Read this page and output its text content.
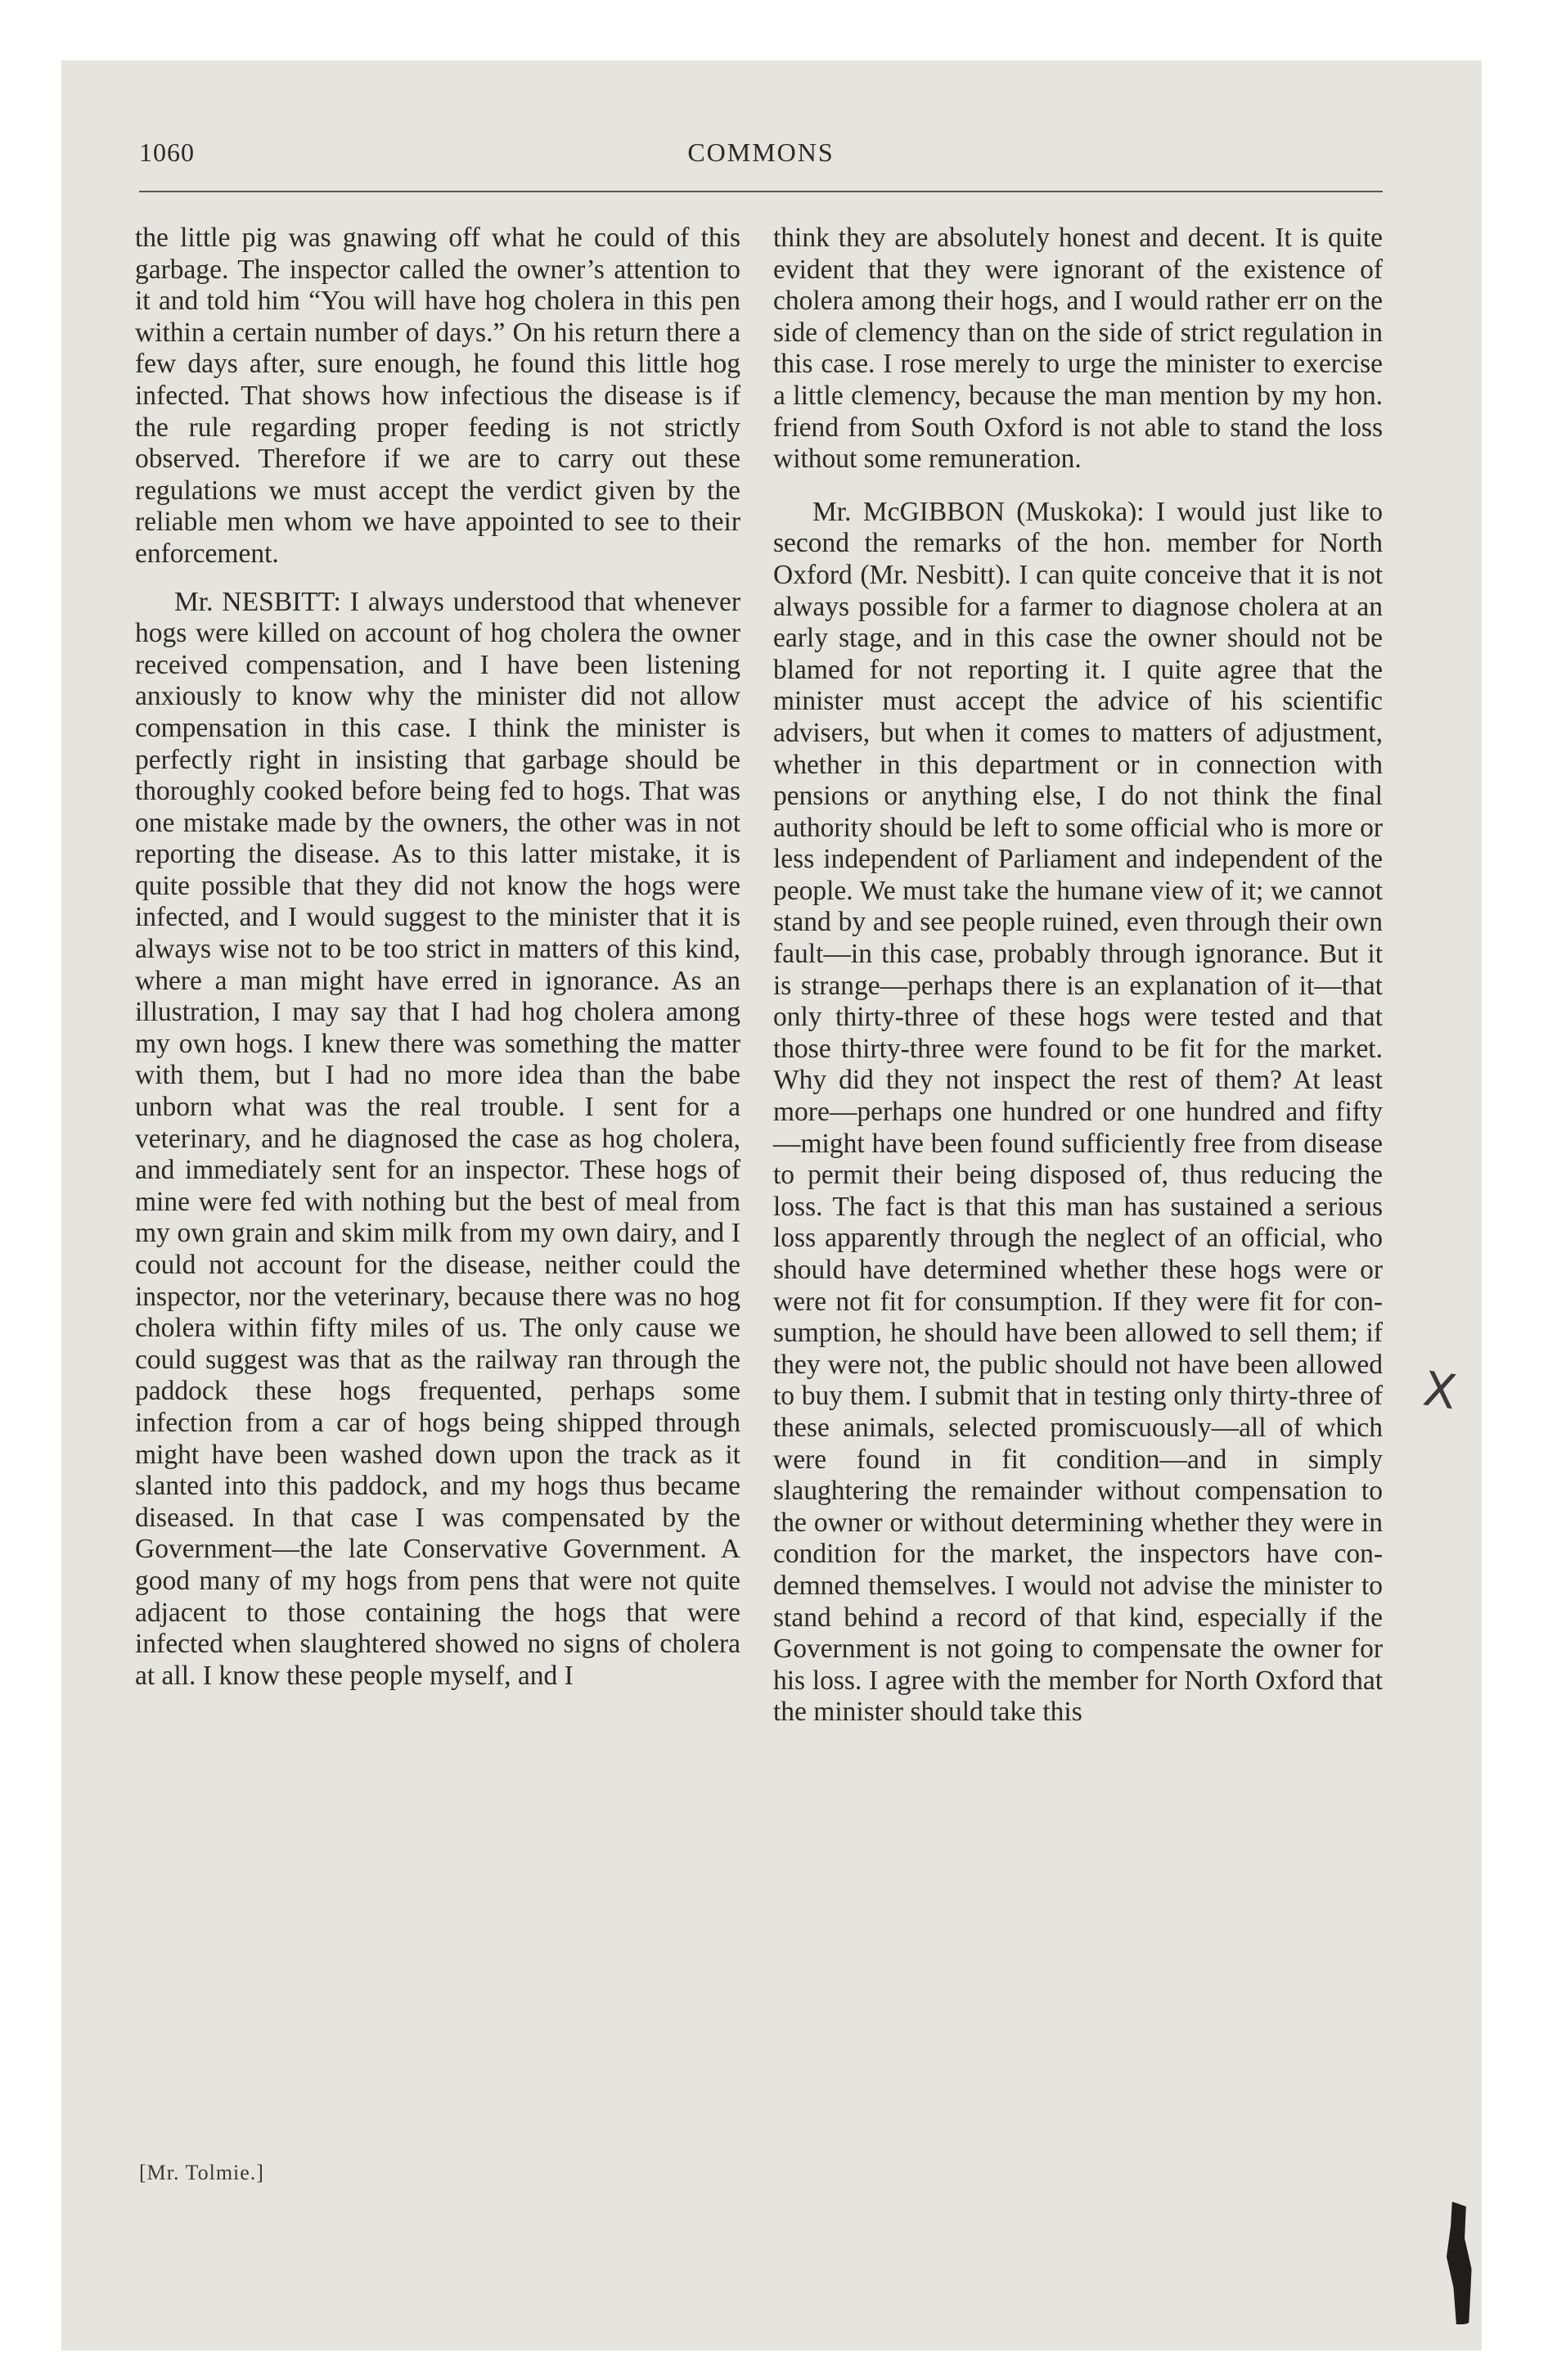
1060	COMMONS

the little pig was gnawing off what he could of this garbage. The inspector called the owner’s attention to it and told him “You will have hog cholera in this pen within a certain number of days.” On his return there a few days after, sure enough, he found this little hog infected. That shows how infectious the disease is if the rule regarding proper feeding is not strictly observed. Therefore if we are to carry out these regulations we must accept the verdict given by the reliable men whom we have appointed to see to their enforcement.

Mr. NESBITT: I always understood that whenever hogs were killed on account of hog cholera the owner received compensation, and I have been listening anxiously to know why the minister did not allow compensation in this case. I think the minister is perfectly right in insisting that garbage should be thoroughly cooked before being fed to hogs. That was one mistake made by the owners, the other was in not reporting the disease. As to this latter mistake, it is quite possible that they did not know the hogs were infected, and I would suggest to the minister that it is always wise not to be too strict in matters of this kind, where a man might have erred in ignorance. As an illustration, I may say that I had hog cholera among my own hogs. I knew there was something the matter with them, but I had no more idea than the babe unborn what was the real trouble. I sent for a veterinary, and he diagnosed the case as hog cholera, and immediately sent for an inspector. These hogs of mine were fed with nothing but the best of meal from my own grain and skim milk from my own dairy, and I could not account for the disease, neither could the inspector, nor the veterinary, because there was no hog cholera within fifty miles of us. The only cause we could suggest was that as the railway ran through the paddock these hogs frequented, perhaps some infection from a car of hogs being shipped through might have been washed down upon the track as it slanted into this paddock, and my hogs thus became diseased. In that case I was compensated by the Government—the late Conservative Government. A good many of my hogs from pens that were not quite adjacent to those containing the hogs that were infected when slaughtered showed no signs of cholera at all. I know these people myself, and I

think they are absolutely honest and decent. It is quite evident that they were ignorant of the existence of cholera among their hogs, and I would rather err on the side of clemency than on the side of strict regulation in this case. I rose merely to urge the minister to exercise a little clemency, because the man mention by my hon. friend from South Oxford is not able to stand the loss without some remuneration.

Mr. McGIBBON (Muskoka): I would just like to second the remarks of the hon. member for North Oxford (Mr. Nesbitt). I can quite conceive that it is not always possible for a farmer to diagnose cholera at an early stage, and in this case the owner should not be blamed for not reporting it. I quite agree that the minister must accept the advice of his scientific advisers, but when it comes to matters of adjustment, whether in this department or in connection with pensions or anything else, I do not think the final authority should be left to some official who is more or less independent of Parliament and independent of the people. We must take the humane view of it; we cannot stand by and see people ruined, even through their own fault—in this case, probably through ignorance. But it is strange—perhaps there is an explanation of it—that only thirty-three of these hogs were tested and that those thirty-three were found to be fit for the market. Why did they not inspect the rest of them? At least more—perhaps one hundred or one hundred and fifty—might have been found sufficiently free from disease to permit their being disposed of, thus reducing the loss. The fact is that this man has sustained a serious loss apparently through the neglect of an official, who should have determined whether these hogs were or were not fit for consumption. If they were fit for consumption, he should have been allowed to sell them; if they were not, the public should not have been allowed to buy them. I submit that in testing only thirty-three of these animals, selected promiscuously—all of which were found in fit condition—and in simply slaughtering the remainder without compensation to the owner or without determining whether they were in condition for the market, the inspectors have condemned themselves. I would not advise the minister to stand behind a record of that kind, especially if the Government is not going to compensate the owner for his loss. I agree with the member for North Oxford that the minister should take this

[Mr. Tolmie.]
X
